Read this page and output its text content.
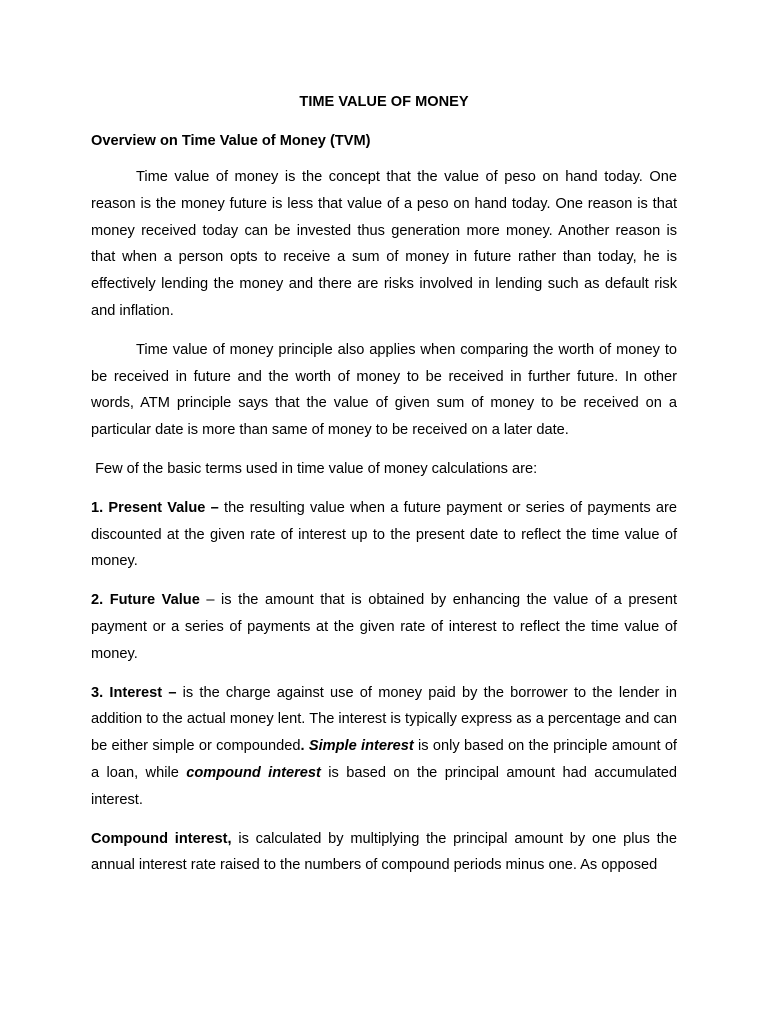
TIME VALUE OF MONEY
Overview on Time Value of Money (TVM)

Time value of money is the concept that the value of peso on hand today. One reason is the money future is less that value of a peso on hand today. One reason is that money received today can be invested thus generation more money. Another reason is that when a person opts to receive a sum of money in future rather than today, he is effectively lending the money and there are risks involved in lending such as default risk and inflation.

Time value of money principle also applies when comparing the worth of money to be received in future and the worth of money to be received in further future. In other words, ATM principle says that the value of given sum of money to be received on a particular date is more than same of money to be received on a later date.

Few of the basic terms used in time value of money calculations are:

1. Present Value – the resulting value when a future payment or series of payments are discounted at the given rate of interest up to the present date to reflect the time value of money.

2. Future Value – is the amount that is obtained by enhancing the value of a present payment or a series of payments at the given rate of interest to reflect the time value of money.

3. Interest – is the charge against use of money paid by the borrower to the lender in addition to the actual money lent. The interest is typically express as a percentage and can be either simple or compounded. Simple interest is only based on the principle amount of a loan, while compound interest is based on the principal amount had accumulated interest.

Compound interest, is calculated by multiplying the principal amount by one plus the annual interest rate raised to the numbers of compound periods minus one. As opposed
